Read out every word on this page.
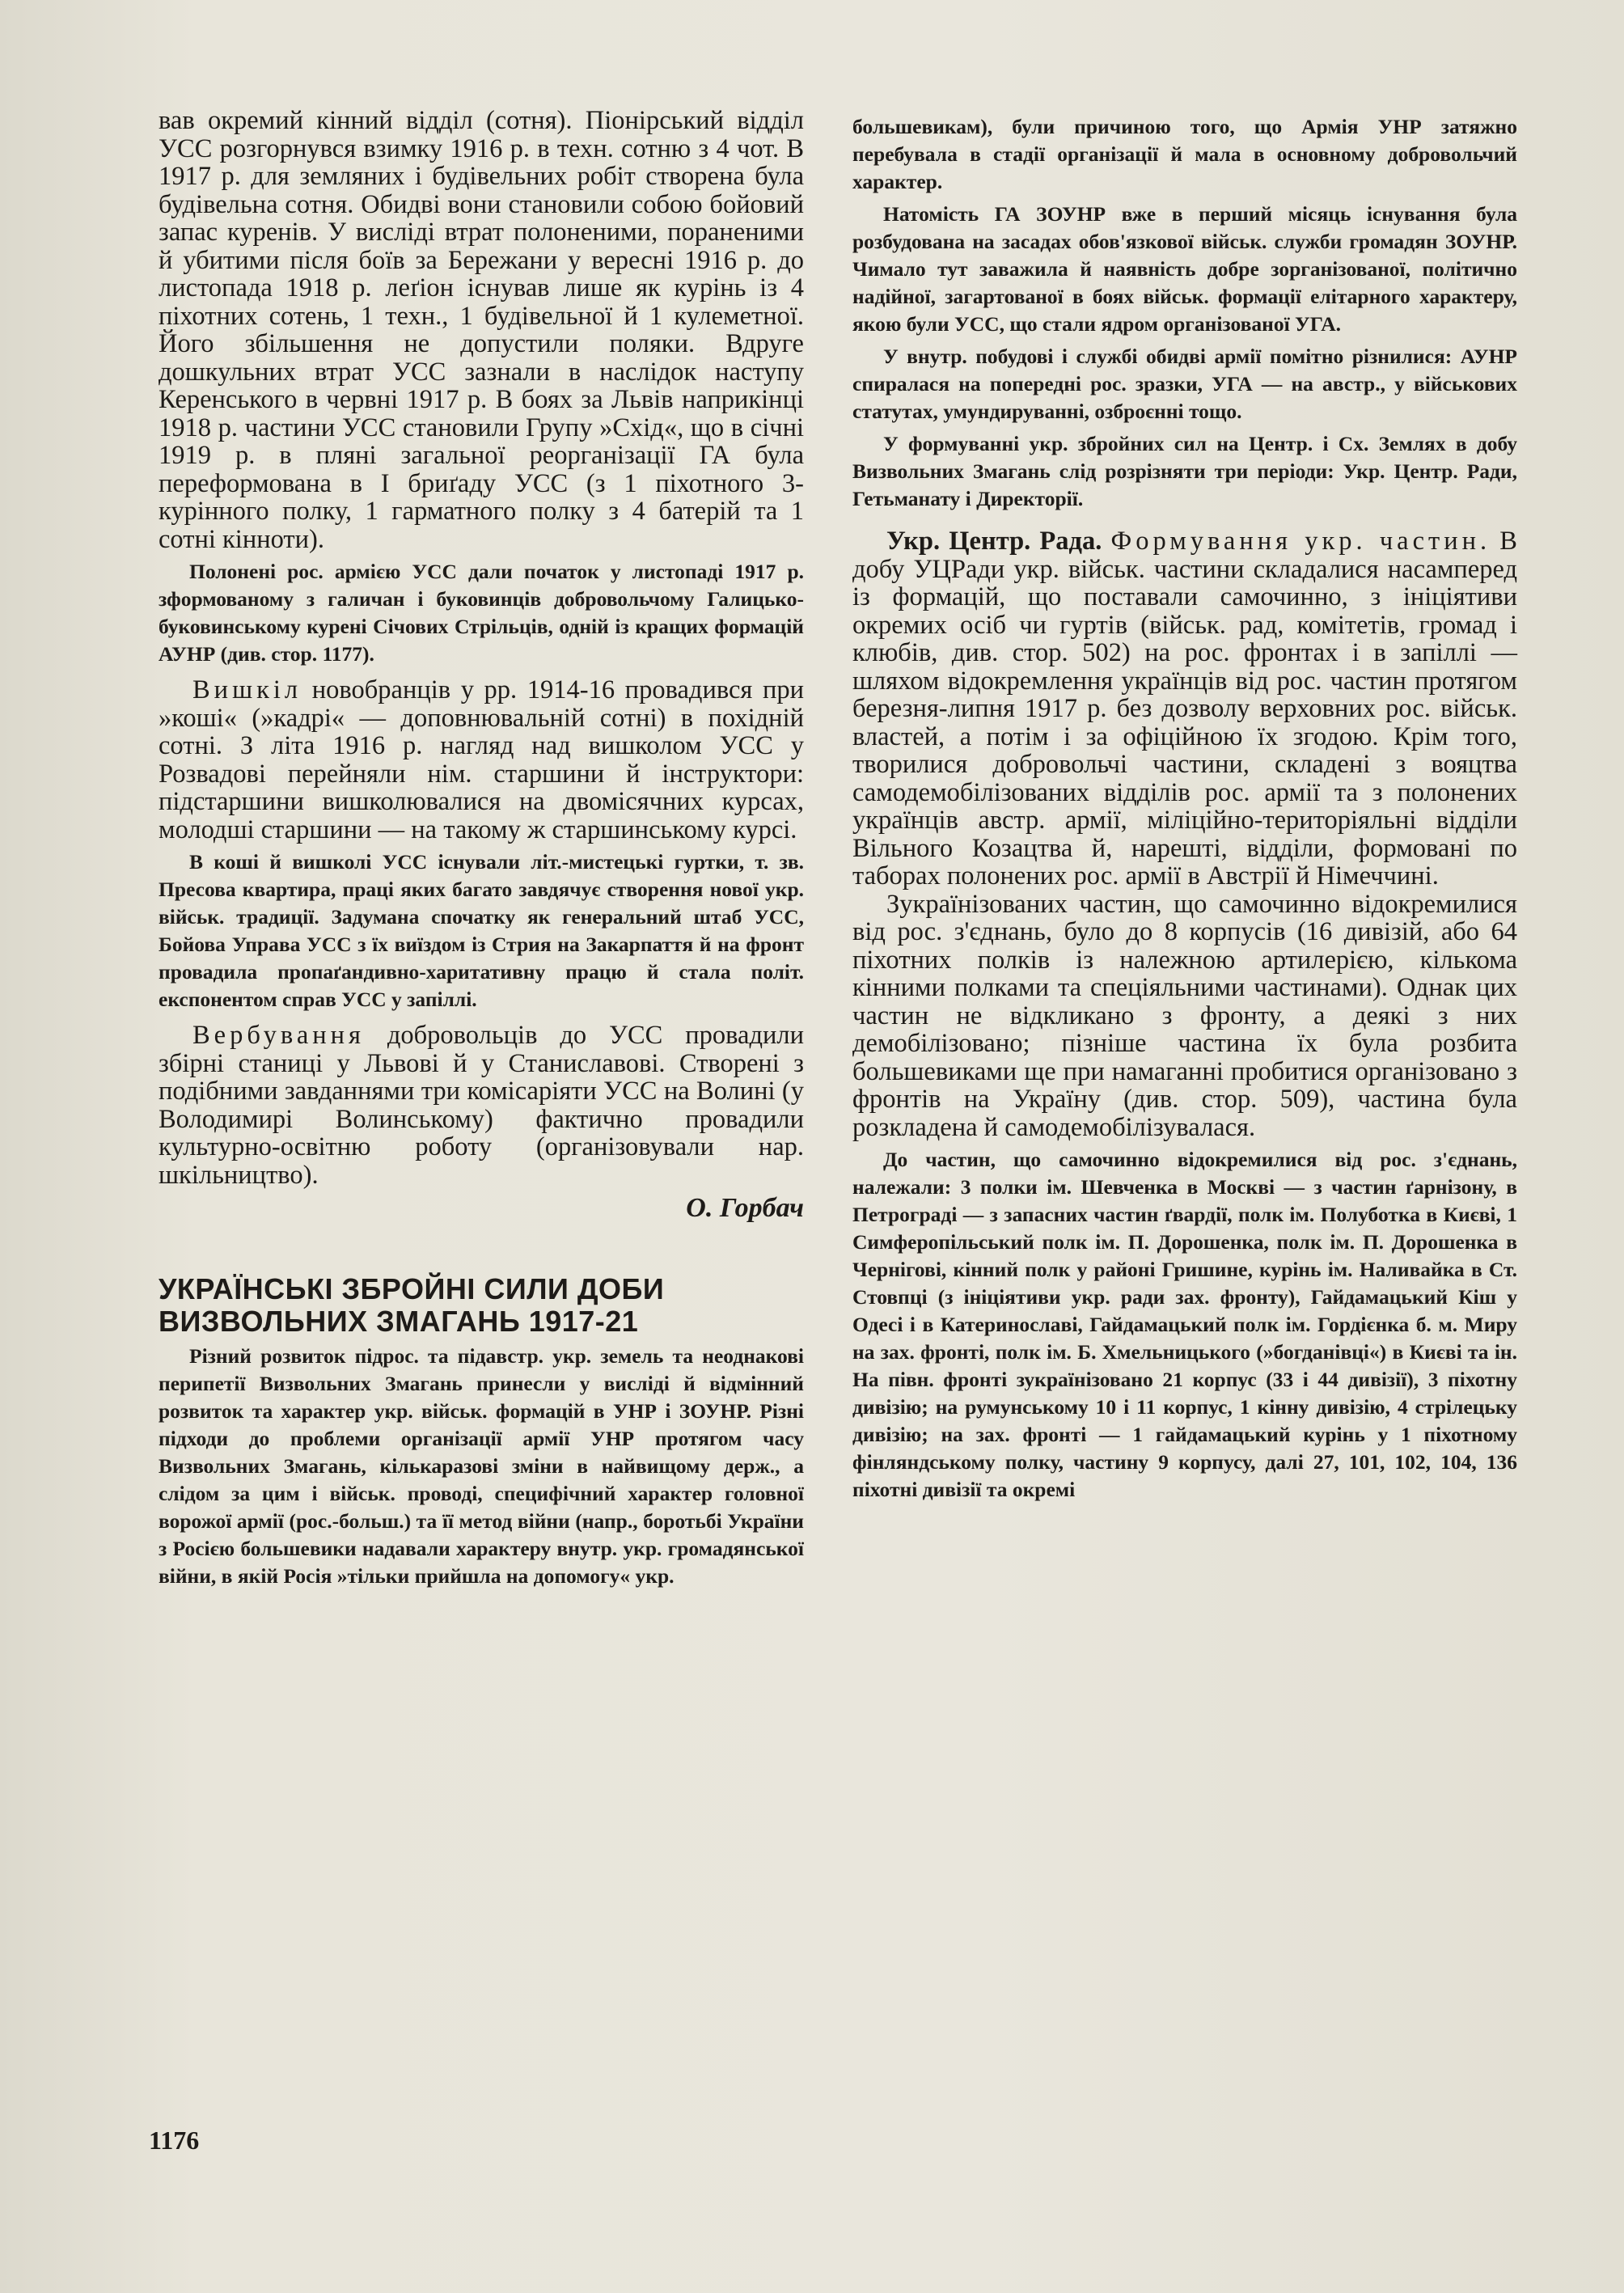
вав окремий кінний відділ (сотня). Піонірський відділ УСС розгорнувся взимку 1916 р. в техн. сотню з 4 чот. В 1917 р. для земляних і будівельних робіт створена була будівельна сотня. Обидві вони становили собою бойовий запас куренів. У висліді втрат полоненими, пораненими й убитими після боїв за Бережани у вересні 1916 р. до листопада 1918 р. леґіон існував лише як курінь із 4 піхотних сотень, 1 техн., 1 будівельної й 1 кулеметної. Його збільшення не допустили поляки. Вдруге дошкульних втрат УСС зазнали в наслідок наступу Керенського в червні 1917 р. В боях за Львів наприкінці 1918 р. частини УСС становили Групу »Схід«, що в січні 1919 р. в пляні загальної реорганізації ГА була переформована в I бриґаду УСС (з 1 піхотного 3-курінного полку, 1 гарматного полку з 4 батерій та 1 сотні кінноти).

Полонені рос. армією УСС дали початок у листопаді 1917 р. зформованому з галичан і буковинців добровольчому Галицько-буковинському курені Січових Стрільців, одній із кращих формацій АУНР (див. стор. 1177).

Вишкіл новобранців у рр. 1914-16 провадився при »коші« (»кадрі« — доповнювальній сотні) в похідній сотні. З літа 1916 р. нагляд над вишколом УСС у Розвадові перейняли нім. старшини й інструктори: підстаршини вишколювалися на двомісячних курсах, молодші старшини — на такому ж старшинському курсі.

В коші й вишколі УСС існували літ.-мистецькі гуртки, т. зв. Пресова квартира, праці яких багато завдячує створення нової укр. військ. традиції. Задумана спочатку як генеральний штаб УСС, Бойова Управа УСС з їх виїздом із Стрия на Закарпаття й на фронт провадила пропаґандивно-харитативну працю й стала політ. експонентом справ УСС у запіллі.

Вербування добровольців до УСС провадили збірні станиці у Львові й у Станиславові. Створені з подібними завданнями три комісаріяти УСС на Волині (у Володимирі Волинському) фактично провадили культурно-освітню роботу (організовували нар. шкільництво).

О. Горбач
УКРАЇНСЬКІ ЗБРОЙНІ СИЛИ ДОБИ ВИЗВОЛЬНИХ ЗМАГАНЬ 1917-21

Різний розвиток підрос. та підавстр. укр. земель та неоднакові перипетії Визвольних Змагань принесли у висліді й відмінний розвиток та характер укр. військ. формацій в УНР і ЗОУНР. Різні підходи до проблеми організації армії УНР протягом часу Визвольних Змагань, кількаразові зміни в найвищому держ., а слідом за цим і військ. проводі, специфічний характер головної ворожої армії (рос.-больш.) та її метод війни (напр., боротьбі України з Росією большевики надавали характеру внутр. укр. громадянської війни, в якій Росія »тільки прийшла на допомогу« укр.

большевикам), були причиною того, що Армія УНР затяжно перебувала в стадії організації й мала в основному добровольчий характер.

Натомість ГА ЗОУНР вже в перший місяць існування була розбудована на засадах обов'язкової військ. служби громадян ЗОУНР. Чимало тут заважила й наявність добре зорганізованої, політично надійної, загартованої в боях військ. формації елітарного характеру, якою були УСС, що стали ядром організованої УГА.

У внутр. побудові і службі обидві армії помітно різнилися: АУНР спиралася на попередні рос. зразки, УГА — на австр., у військових статутах, умундируванні, озброєнні тощо.

У формуванні укр. збройних сил на Центр. і Сх. Землях в добу Визвольних Змагань слід розрізняти три періоди: Укр. Центр. Ради, Гетьманату і Директорії.

Укр. Центр. Рада. Формування укр. частин. В добу УЦРади укр. військ. частини складалися насамперед із формацій, що поставали самочинно, з ініціятиви окремих осіб чи гуртів (військ. рад, комітетів, громад і клюбів, див. стор. 502) на рос. фронтах і в запіллі — шляхом відокремлення українців від рос. частин протягом березня-липня 1917 р. без дозволу верховних рос. військ. властей, а потім і за офіційною їх згодою. Крім того, творилися добровольчі частини, складені з вояцтва самодемобілізованих відділів рос. армії та з полонених українців австр. армії, міліційно-територіяльні відділи Вільного Козацтва й, нарешті, відділи, формовані по таборах полонених рос. армії в Австрії й Німеччині.

Зукраїнізованих частин, що самочинно відокремилися від рос. з'єднань, було до 8 корпусів (16 дивізій, або 64 піхотних полків із належною артилерією, кількома кінними полками та спеціяльними частинами). Однак цих частин не відкликано з фронту, а деякі з них демобілізовано; пізніше частина їх була розбита большевиками ще при намаганні пробитися організовано з фронтів на Україну (див. стор. 509), частина була розкладена й самодемобілізувалася.

До частин, що самочинно відокремилися від рос. з'єднань, належали: 3 полки ім. Шевченка в Москві — з частин ґарнізону, в Петрограді — з запасних частин ґвардії, полк ім. Полуботка в Києві, 1 Симферопільський полк ім. П. Дорошенка, полк ім. П. Дорошенка в Чернігові, кінний полк у районі Гришине, курінь ім. Наливайка в Ст. Стовпці (з ініціятиви укр. ради зах. фронту), Гайдамацький Кіш у Одесі і в Катеринославі, Гайдамацький полк ім. Гордієнка б. м. Миру на зах. фронті, полк ім. Б. Хмельницького (»богданівці«) в Києві та ін. На півн. фронті зукраїнізовано 21 корпус (33 і 44 дивізії), 3 піхотну дивізію; на румунському 10 і 11 корпус, 1 кінну дивізію, 4 стрілецьку дивізію; на зах. фронті — 1 гайдамацький курінь у 1 піхотному фінляндському полку, частину 9 корпусу, далі 27, 101, 102, 104, 136 піхотні дивізії та окремі

1176
